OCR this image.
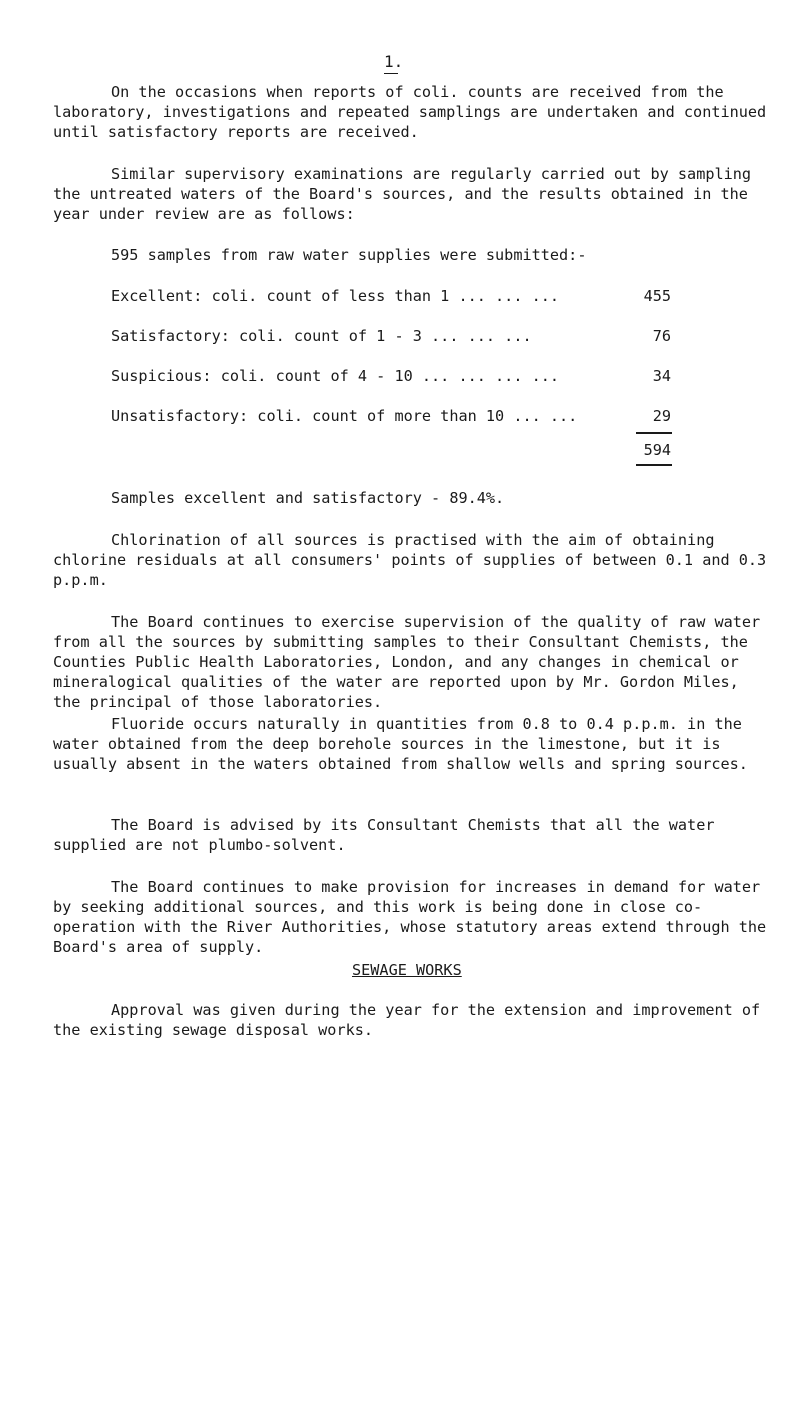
1.

On the occasions when reports of coli. counts are received from the laboratory, investigations and repeated samplings are undertaken and continued until satisfactory reports are received.

Similar supervisory examinations are regularly carried out by sampling the untreated waters of the Board's sources, and the results obtained in the year under review are as follows:

595 samples from raw water supplies were submitted:-

Excellent: coli. count of less than 1 ... ... ...	455
Satisfactory: coli. count of 1 - 3 ... ... ...	76
Suspicious: coli. count of 4 - 10 ... ... ... ...	34
Unsatisfactory: coli. count of more than 10 ... ...	29
594

Samples excellent and satisfactory - 89.4%.

Chlorination of all sources is practised with the aim of obtaining chlorine residuals at all consumers' points of supplies of between 0.1 and 0.3 p.p.m.

The Board continues to exercise supervision of the quality of raw water from all the sources by submitting samples to their Consultant Chemists, the Counties Public Health Laboratories, London, and any changes in chemical or mineralogical qualities of the water are reported upon by Mr. Gordon Miles, the principal of those laboratories.

Fluoride occurs naturally in quantities from 0.8 to 0.4 p.p.m. in the water obtained from the deep borehole sources in the limestone, but it is usually absent in the waters obtained from shallow wells and spring sources.

The Board is advised by its Consultant Chemists that all the water supplied are not plumbo-solvent.

The Board continues to make provision for increases in demand for water by seeking additional sources, and this work is being done in close co-operation with the River Authorities, whose statutory areas extend through the Board's area of supply.

SEWAGE WORKS

Approval was given during the year for the extension and improvement of the existing sewage disposal works.
